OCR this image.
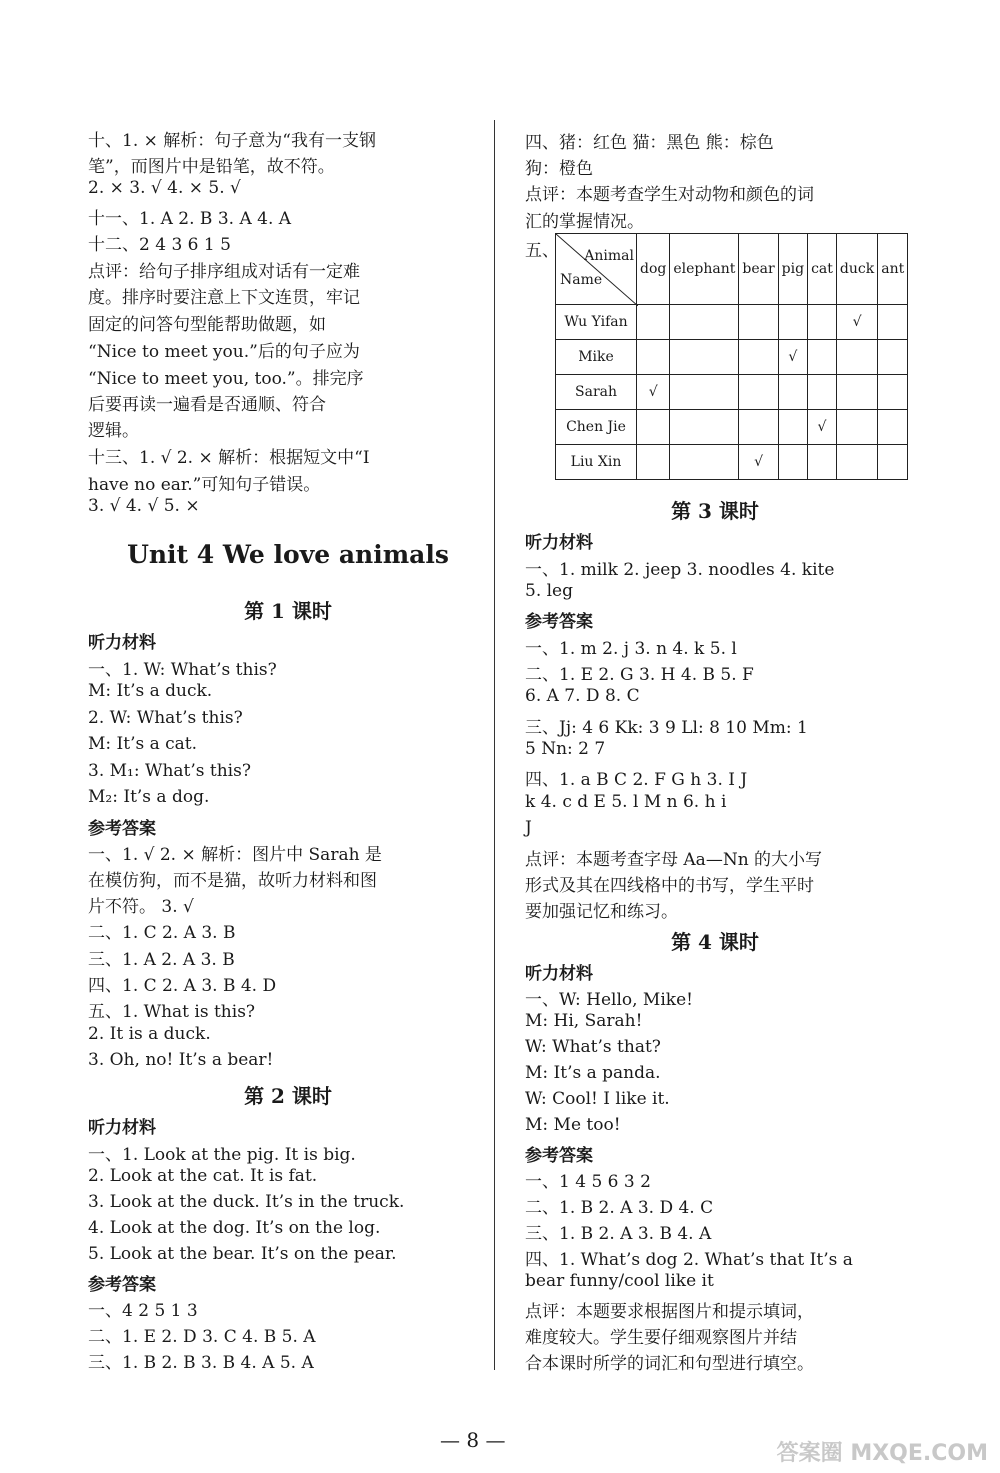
十、1. × 解析：句子意为“我有一支钢
笔”，而图片中是铅笔，故不符。
2. × 3. √ 4. × 5. √
十一、1. A 2. B 3. A 4. A
十二、2 4 3 6 1 5
点评：给句子排序组成对话有一定难
度。排序时要注意上下文连贯，牢记
固定的问答句型能帮助做题，如
“Nice to meet you.”后的句子应为
“Nice to meet you, too.”。排完序
后要再读一遍看是否通顺、符合
逻辑。
十三、1. √ 2. × 解析：根据短文中“I
have no ear.”可知句子错误。
3. √ 4. √ 5. ×
Unit 4 We love animals
第 1 课时
听力材料
一、1. W: What’s this?
M: It’s a duck.
2. W: What’s this?
M: It’s a cat.
3. M₁: What’s this?
M₂: It’s a dog.
参考答案
一、1. √ 2. × 解析：图片中 Sarah 是
在模仿狗，而不是猫，故听力材料和图
片不符。 3. √
二、1. C 2. A 3. B
三、1. A 2. A 3. B
四、1. C 2. A 3. B 4. D
五、1. What is this?
2. It is a duck.
3. Oh, no! It’s a bear!
第 2 课时
听力材料
一、1. Look at the pig. It is big.
2. Look at the cat. It is fat.
3. Look at the duck. It’s in the truck.
4. Look at the dog. It’s on the log.
5. Look at the bear. It’s on the pear.
参考答案
一、4 2 5 1 3
二、1. E 2. D 3. C 4. B 5. A
三、1. B 2. B 3. B 4. A 5. A
四、猪：红色 猫：黑色 熊：棕色
狗：橙色
点评：本题考查学生对动物和颜色的词
汇的掌握情况。
五、 Animal
Name	dog	elephant	bear	pig	cat	duck	ant
Wu Yifan						√	
Mike				√			
Sarah	√						
Chen Jie					√		
Liu Xin			√				
第 3 课时
听力材料
一、1. milk 2. jeep 3. noodles 4. kite
5. leg
参考答案
一、1. m 2. j 3. n 4. k 5. l
二、1. E 2. G 3. H 4. B 5. F
6. A 7. D 8. C
三、Jj: 4 6 Kk: 3 9 Ll: 8 10 Mm: 1
5 Nn: 2 7
四、1. a B C 2. F G h 3. I J
k 4. c d E 5. l M n 6. h i
J
点评：本题考查字母 Aa—Nn 的大小写
形式及其在四线格中的书写，学生平时
要加强记忆和练习。
第 4 课时
听力材料
一、W: Hello, Mike!
M: Hi, Sarah!
W: What’s that?
M: It’s a panda.
W: Cool! I like it.
M: Me too!
参考答案
一、1 4 5 6 3 2
二、1. B 2. A 3. D 4. C
三、1. B 2. A 3. B 4. A
四、1. What’s dog 2. What’s that It’s a
bear funny/cool like it
点评：本题要求根据图片和提示填词，
难度较大。学生要仔细观察图片并结
合本课时所学的词汇和句型进行填空。
— 8 —
答案圈 MXQE.COM
